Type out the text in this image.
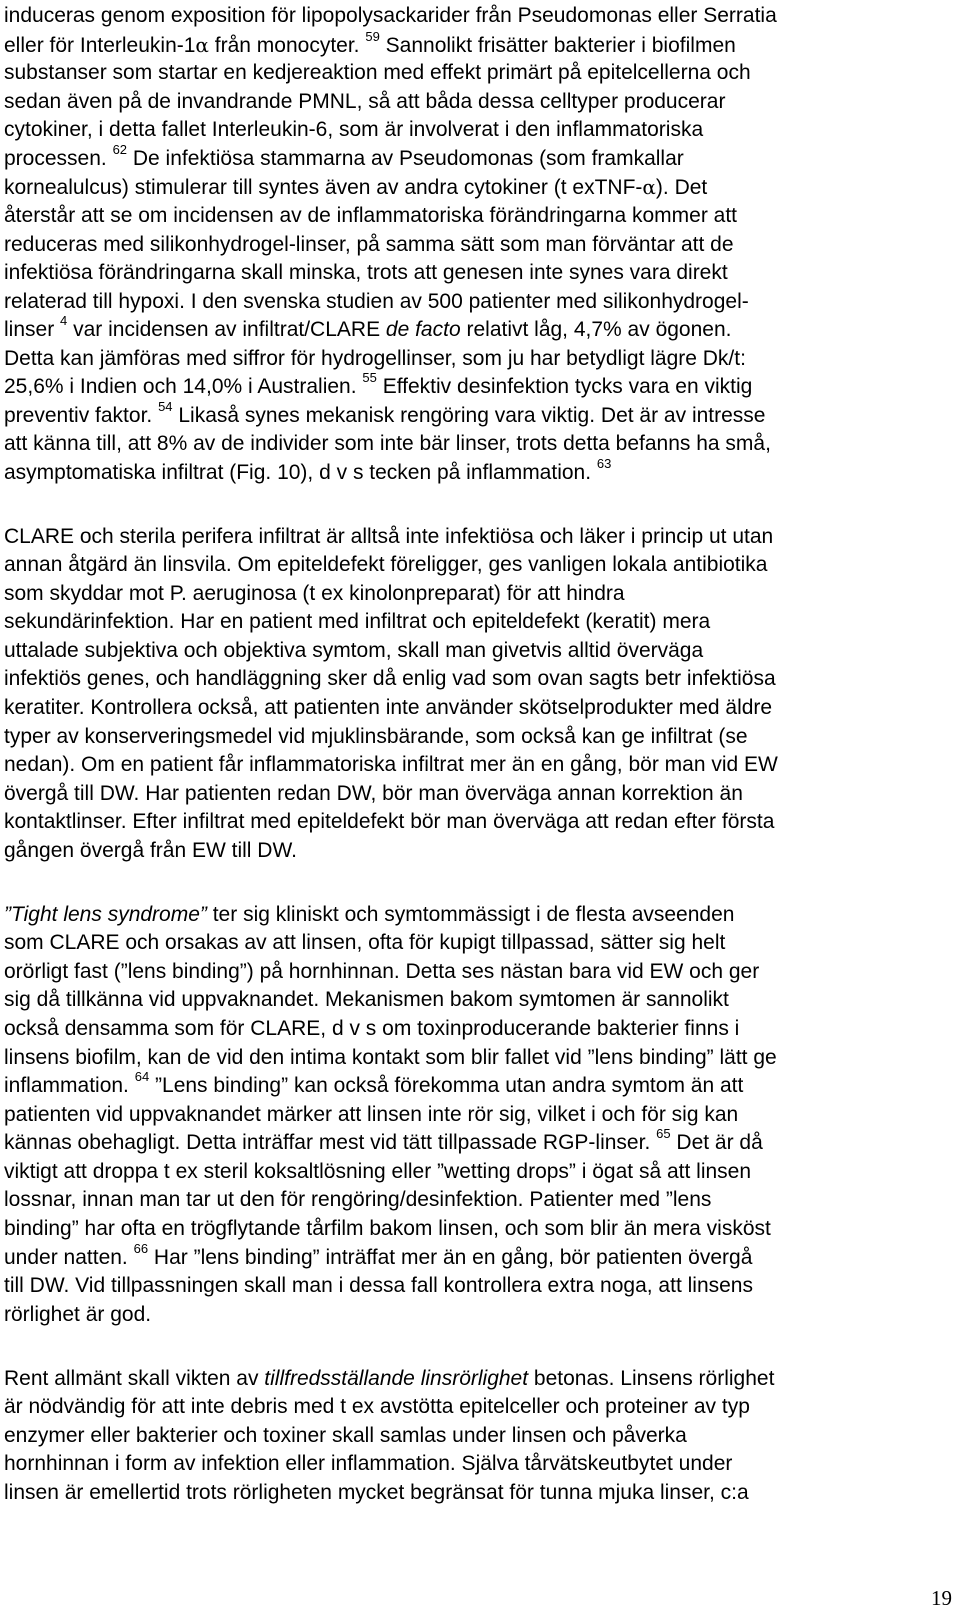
induceras genom exposition för lipopolysackarider från Pseudomonas eller Serratia
eller för Interleukin-1α från monocyter. $^{59}$ Sannolikt frisätter bakterier i biofilmen
substanser som startar en kedjereaktion med effekt primärt på epitelcellerna och
sedan även på de invandrande PMNL, så att båda dessa celltyper producerar
cytokiner, i detta fallet Interleukin-6, som är involverat i den inflammatoriska
processen. $^{62}$ De infektiösa stammarna av Pseudomonas (som framkallar
kornealulcus) stimulerar till syntes även av andra cytokiner (t exTNF-α). Det
återstår att se om incidensen av de inflammatoriska förändringarna kommer att
reduceras med silikonhydrogel-linser, på samma sätt som man förväntar att de
infektiösa förändringarna skall minska, trots att genesen inte synes vara direkt
relaterad till hypoxi. I den svenska studien av 500 patienter med silikonhydrogel-
linser $^4$ var incidensen av infiltrat/CLARE de facto relativt låg, 4,7% av ögonen.
Detta kan jämföras med siffror för hydrogellinser, som ju har betydligt lägre Dk/t:
25,6% i Indien och 14,0% i Australien. $^{55}$ Effektiv desinfektion tycks vara en viktig
preventiv faktor. $^{54}$ Likaså synes mekanisk rengöring vara viktig. Det är av intresse
att känna till, att 8% av de individer som inte bär linser, trots detta befanns ha små,
asymptomatiska infiltrat (Fig. 10), d v s tecken på inflammation. $^{63}$
CLARE och sterila perifera infiltrat är alltså inte infektiösa och läker i princip ut utan
annan åtgärd än linsvila. Om epiteldefekt föreligger, ges vanligen lokala antibiotika
som skyddar mot P. aeruginosa (t ex kinolonpreparat) för att hindra
sekundärinfektion. Har en patient med infiltrat och epiteldefekt (keratit) mera
uttalade subjektiva och objektiva symtom, skall man givetvis alltid överväga
infektiös genes, och handläggning sker då enlig vad som ovan sagts betr infektiösa
keratiter. Kontrollera också, att patienten inte använder skötselprodukter med äldre
typer av konserveringsmedel vid mjuklinsbärande, som också kan ge infiltrat (se
nedan). Om en patient får inflammatoriska infiltrat mer än en gång, bör man vid EW
övergå till DW. Har patienten redan DW, bör man överväga annan korrektion än
kontaktlinser. Efter infiltrat med epiteldefekt bör man överväga att redan efter första
gången övergå från EW till DW.
”Tight lens syndrome” ter sig kliniskt och symtommässigt i de flesta avseenden
som CLARE och orsakas av att linsen, ofta för kupigt tillpassad, sätter sig helt
orörligt fast (”lens binding”) på hornhinnan. Detta ses nästan bara vid EW och ger
sig då tillkänna vid uppvaknandet. Mekanismen bakom symtomen är sannolikt
också densamma som för CLARE, d v s om toxinproducerande bakterier finns i
linsens biofilm, kan de vid den intima kontakt som blir fallet vid ”lens binding” lätt ge
inflammation. $^{64}$ ”Lens binding” kan också förekomma utan andra symtom än att
patienten vid uppvaknandet märker att linsen inte rör sig, vilket i och för sig kan
kännas obehagligt. Detta inträffar mest vid tätt tillpassade RGP-linser. $^{65}$ Det är då
viktigt att droppa t ex steril koksaltlösning eller ”wetting drops” i ögat så att linsen
lossnar, innan man tar ut den för rengöring/desinfektion. Patienter med ”lens
binding” har ofta en trögflytande tårfilm bakom linsen, och som blir än mera visköst
under natten. $^{66}$ Har ”lens binding” inträffat mer än en gång, bör patienten övergå
till DW. Vid tillpassningen skall man i dessa fall kontrollera extra noga, att linsens
rörlighet är god.
Rent allmänt skall vikten av tillfredsställande linsrörlighet betonas. Linsens rörlighet
är nödvändig för att inte debris med t ex avstötta epitelceller och proteiner av typ
enzymer eller bakterier och toxiner skall samlas under linsen och påverka
hornhinnan i form av infektion eller inflammation. Själva tårvätskeutbytet under
linsen är emellertid trots rörligheten mycket begränsat för tunna mjuka linser, c:a
19
